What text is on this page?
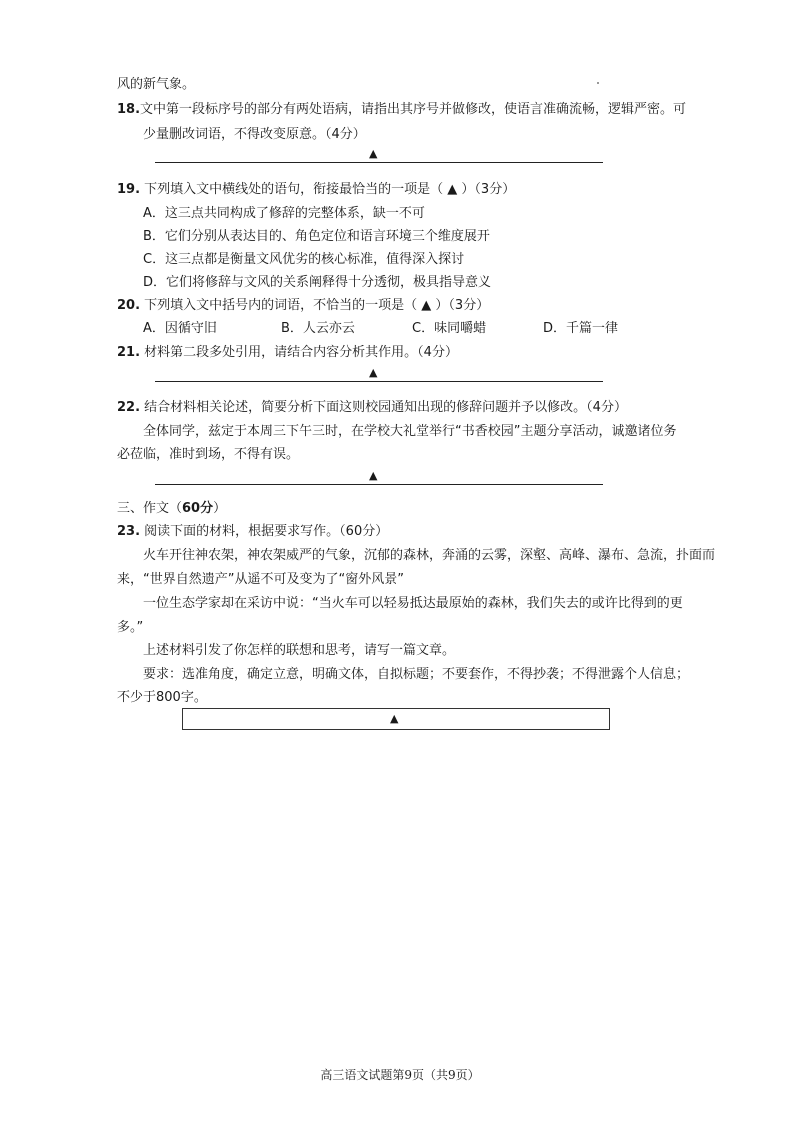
风的新气象。
18.文中第一段标序号的部分有两处语病，请指出其序号并做修改，使语言准确流畅，逻辑严密。可
少量删改词语，不得改变原意。（4分）
▲
19. 下列填入文中横线处的语句，衔接最恰当的一项是（ ▲ ）（3分）
A．这三点共同构成了修辞的完整体系，缺一不可
B．它们分别从表达目的、角色定位和语言环境三个维度展开
C．这三点都是衡量文风优劣的核心标准，值得深入探讨
D．它们将修辞与文风的关系阐释得十分透彻，极具指导意义
20. 下列填入文中括号内的词语，不恰当的一项是（ ▲ ）（3分）
A．因循守旧	B．人云亦云	C．味同嚼蜡	D．千篇一律
21. 材料第二段多处引用，请结合内容分析其作用。（4分）
▲
22. 结合材料相关论述，简要分析下面这则校园通知出现的修辞问题并予以修改。（4分）
全体同学，兹定于本周三下午三时，在学校大礼堂举行“书香校园”主题分享活动，诚邀诸位务
必莅临，准时到场，不得有误。
▲
三、作文（60分）
23. 阅读下面的材料，根据要求写作。（60分）
火车开往神农架，神农架威严的气象，沉郁的森林，奔涌的云雾，深壑、高峰、瀑布、急流，扑面而
来，“世界自然遗产”从遥不可及变为了“窗外风景”
一位生态学家却在采访中说：“当火车可以轻易抵达最原始的森林，我们失去的或许比得到的更
多。”
上述材料引发了你怎样的联想和思考，请写一篇文章。
要求：选准角度，确定立意，明确文体，自拟标题；不要套作，不得抄袭；不得泄露个人信息；
不少于800字。
▲
高三语文试题第9页（共9页）
